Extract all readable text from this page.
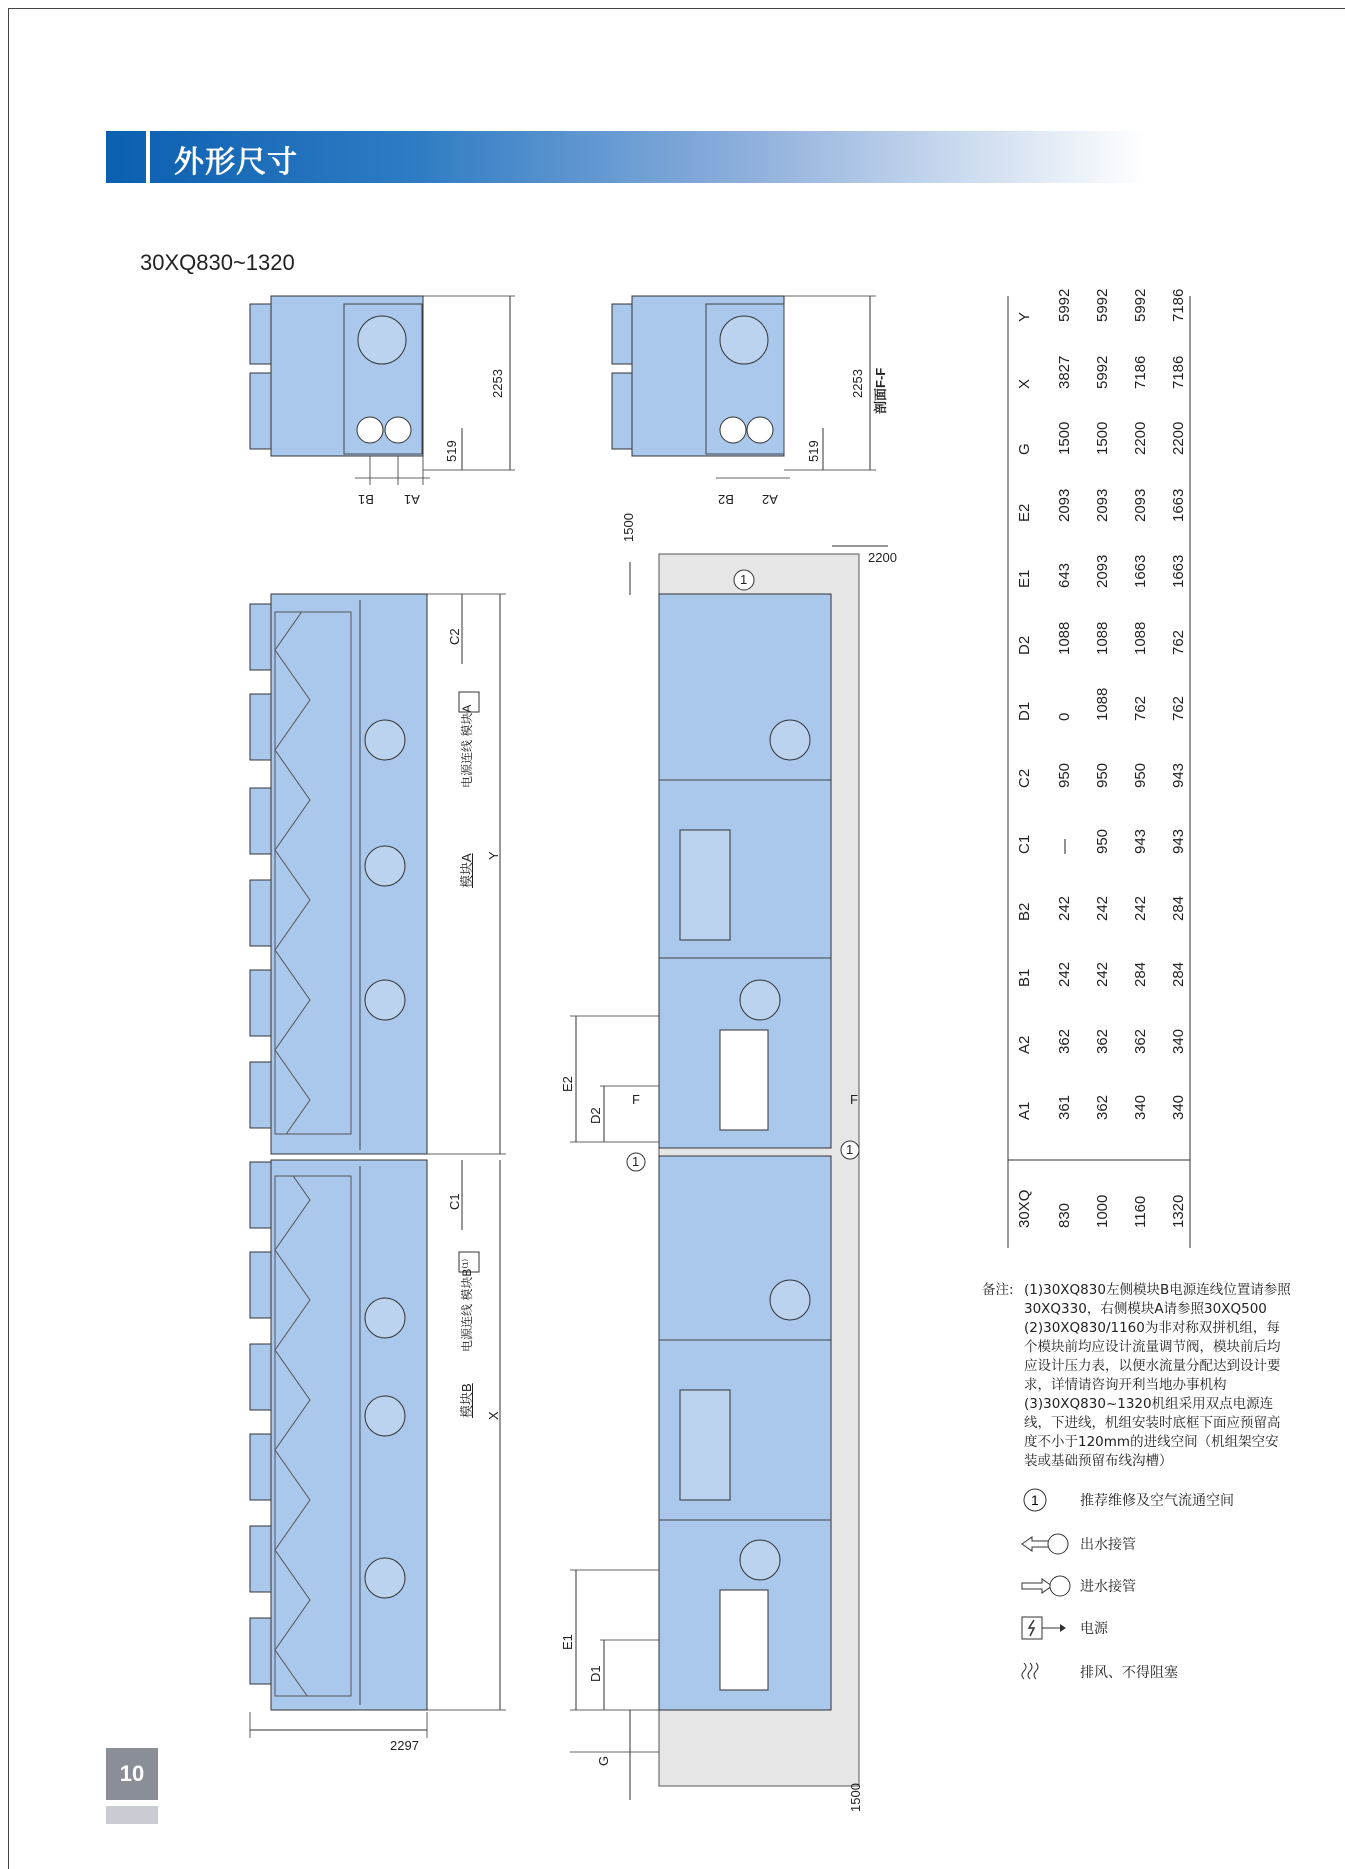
外形尺寸
30XQ830~1320
2253	2253 剖面F-F
519	519
1500
1500
2200
2297
C2
C1
Y
X
模块A
模块B
电源连线 模块A
电源连线 模块B⁽¹⁾
E2
D2
E1
D1
G
B1 A1	B2 A2
1
1
1
F	F
30XQ 830 1000 1160 1320
A1 361 362 340 340
A2 362 362 362 340
B1 242 242 284 284
B2 242 242 242 284
C1 — 950 943 943
C2 950 950 950 943
D1 0 1088 762 762
D2 1088 1088 1088 762
E1 643 2093 1663 1663
E2 2093 2093 2093 1663
G 1500 1500 2200 2200
X 3827 5992 7186 7186
Y 5992 5992 5992 7186
备注: (1)30XQ830左侧模块B电源连线位置请参照30XQ330，右侧模块A请参照30XQ500 (2)30XQ830/1160为非对称双拼机组，每个模块前均应设计流量调节阀，模块前后均应设计压力表，以便水流量分配达到设计要求，详情请咨询开利当地办事机构 (3)30XQ830~1320机组采用双点电源连线，下进线，机组安装时底框下面应预留高度不小于120mm的进线空间（机组架空安装或基础预留布线沟槽）
1	推荐维修及空气流通空间
出水接管
进水接管
电源
排风、不得阻塞
10
